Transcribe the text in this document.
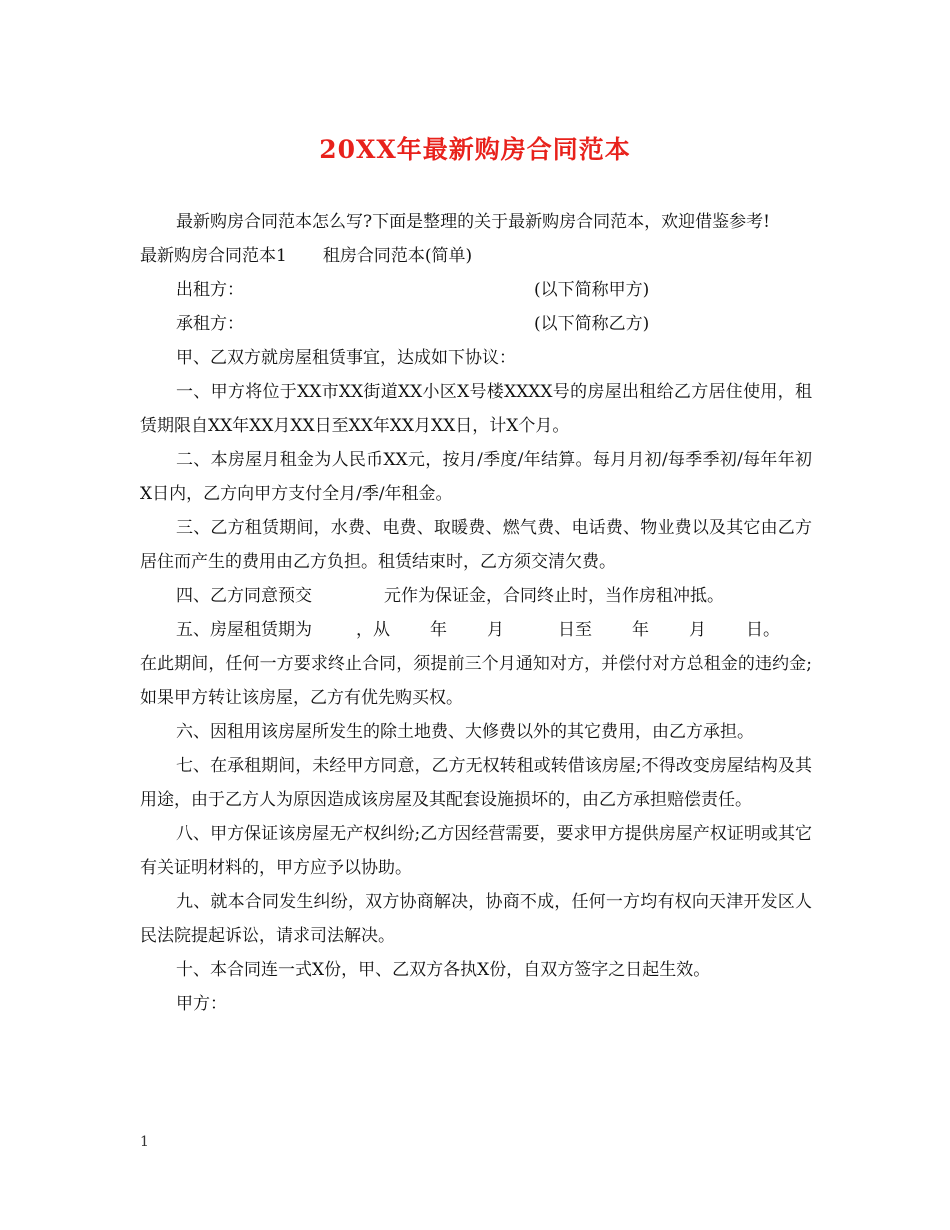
20XX年最新购房合同范本

最新购房合同范本怎么写?下面是整理的关于最新购房合同范本，欢迎借鉴参考!

最新购房合同范本1 租房合同范本(简单)

出租方：	(以下简称甲方)
承租方：	(以下简称乙方)

甲、乙双方就房屋租赁事宜，达成如下协议：

一、甲方将位于XX市XX街道XX小区X号楼XXXX号的房屋出租给乙方居住使用，租赁期限自XX年XX月XX日至XX年XX月XX日，计X个月。

二、本房屋月租金为人民币XX元，按月/季度/年结算。每月月初/每季季初/每年年初X日内，乙方向甲方支付全月/季/年租金。

三、乙方租赁期间，水费、电费、取暖费、燃气费、电话费、物业费以及其它由乙方居住而产生的费用由乙方负担。租赁结束时，乙方须交清欠费。

四、乙方同意预交	元作为保证金，合同终止时，当作房租冲抵。

五、房屋租赁期为	，从 年 月	日至 年 月 日。

在此期间，任何一方要求终止合同，须提前三个月通知对方，并偿付对方总租金的违约金;如果甲方转让该房屋，乙方有优先购买权。

六、因租用该房屋所发生的除土地费、大修费以外的其它费用，由乙方承担。

七、在承租期间，未经甲方同意，乙方无权转租或转借该房屋;不得改变房屋结构及其用途，由于乙方人为原因造成该房屋及其配套设施损坏的，由乙方承担赔偿责任。

八、甲方保证该房屋无产权纠纷;乙方因经营需要，要求甲方提供房屋产权证明或其它有关证明材料的，甲方应予以协助。

九、就本合同发生纠纷，双方协商解决，协商不成，任何一方均有权向天津开发区人民法院提起诉讼，请求司法解决。

十、本合同连一式X份，甲、乙双方各执X份，自双方签字之日起生效。

甲方：

1
